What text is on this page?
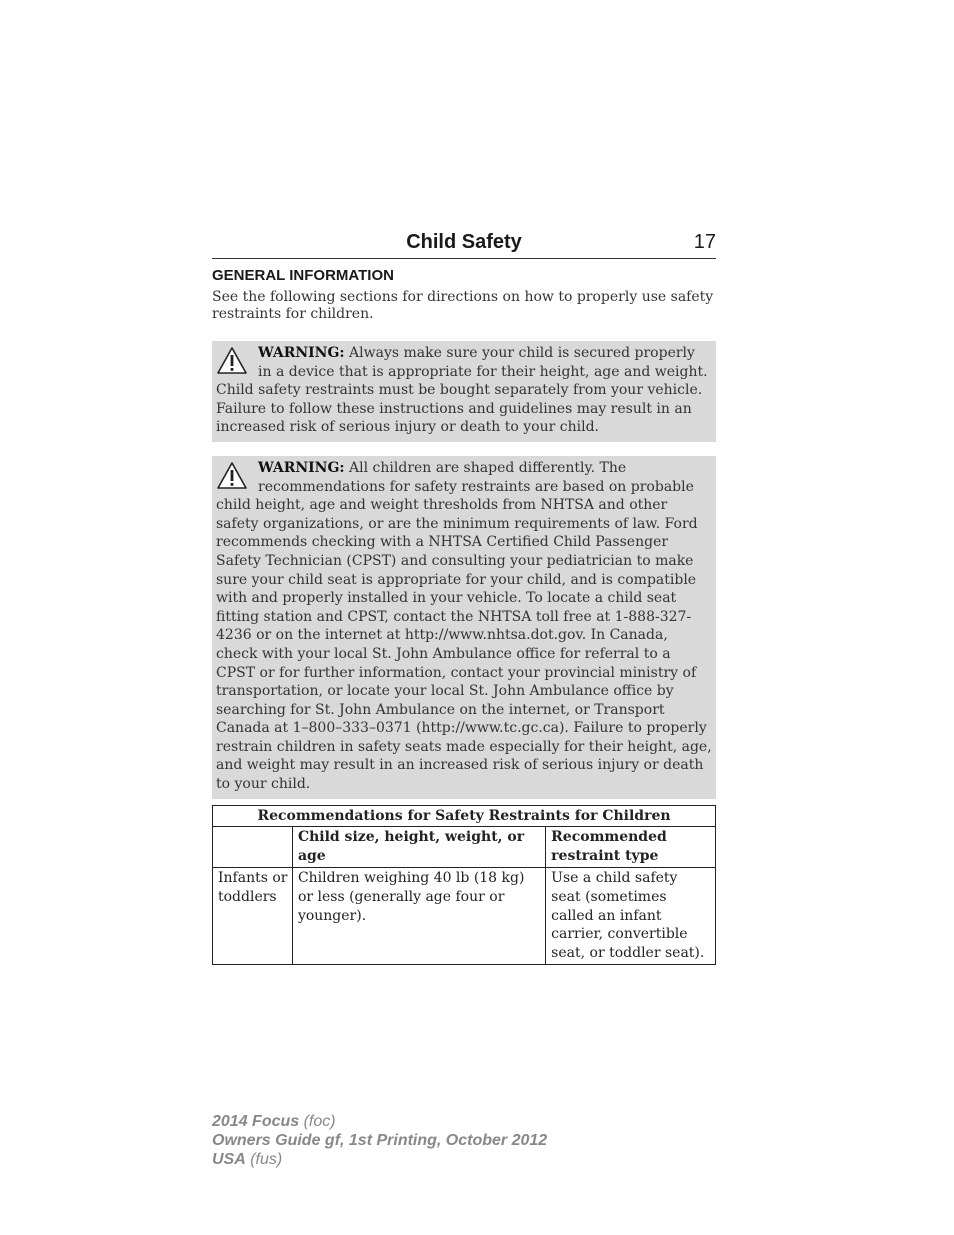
Child Safety	17
GENERAL INFORMATION
See the following sections for directions on how to properly use safety restraints for children.
WARNING: Always make sure your child is secured properly in a device that is appropriate for their height, age and weight. Child safety restraints must be bought separately from your vehicle. Failure to follow these instructions and guidelines may result in an increased risk of serious injury or death to your child.
WARNING: All children are shaped differently. The recommendations for safety restraints are based on probable child height, age and weight thresholds from NHTSA and other safety organizations, or are the minimum requirements of law. Ford recommends checking with a NHTSA Certified Child Passenger Safety Technician (CPST) and consulting your pediatrician to make sure your child seat is appropriate for your child, and is compatible with and properly installed in your vehicle. To locate a child seat fitting station and CPST, contact the NHTSA toll free at 1-888-327-4236 or on the internet at http://www.nhtsa.dot.gov. In Canada, check with your local St. John Ambulance office for referral to a CPST or for further information, contact your provincial ministry of transportation, or locate your local St. John Ambulance office by searching for St. John Ambulance on the internet, or Transport Canada at 1–800–333–0371 (http://www.tc.gc.ca). Failure to properly restrain children in safety seats made especially for their height, age, and weight may result in an increased risk of serious injury or death to your child.
Recommendations for Safety Restraints for Children		
	Child size, height, weight, or age	Recommended restraint type
Infants or toddlers	Children weighing 40 lb (18 kg) or less (generally age four or younger).	Use a child safety seat (sometimes called an infant carrier, convertible seat, or toddler seat).
2014 Focus (foc)
Owners Guide gf, 1st Printing, October 2012
USA (fus)
